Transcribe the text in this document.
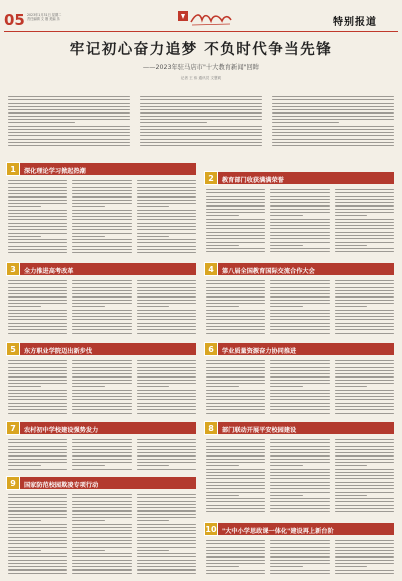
05 2023年1月31日 星期二
责任编辑 文 刚 美编 乐	特别报道
牢记初心奋力追梦 不负时代争当先锋
——2023年驻马店市"十大教育新闻"回眸
记者 王 伟 通讯员 文慧莉
1	深化理论学习掀起热潮
2	教育部门收获满满荣誉
3	全力推进高考改革	4	第八届全国教育国际交流合作大会
5	东方职业学院迈出新步伐	6	学业质量资源奋力协同推进
7	农村初中学校建设强势发力	8	部门联动开展平安校园建设
9	国家防范校园欺凌专项行动
10 "大中小学思政课一体化"建设再上新台阶
